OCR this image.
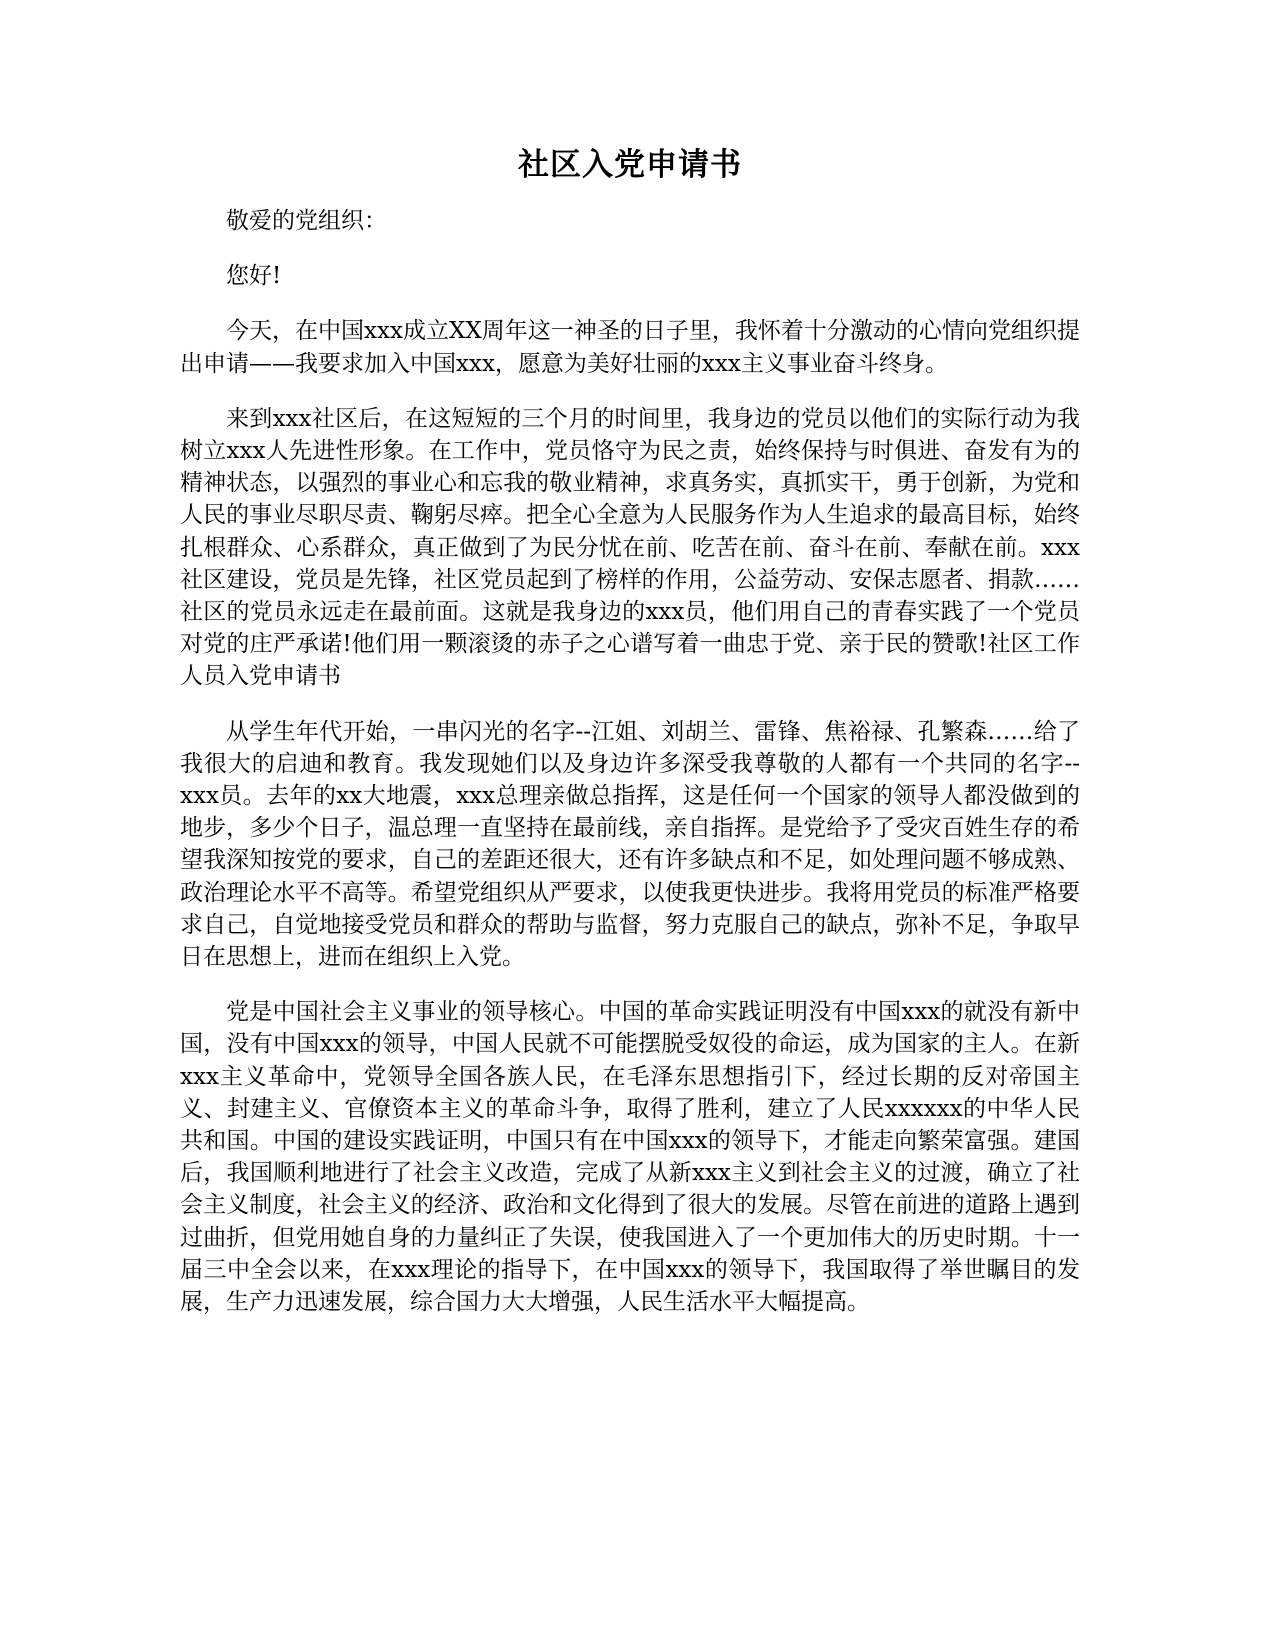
社区入党申请书

敬爱的党组织：

您好!

今天，在中国xxx成立XX周年这一神圣的日子里，我怀着十分激动的心情向党组织提出申请——我要求加入中国xxx，愿意为美好壮丽的xxx主义事业奋斗终身。

来到xxx社区后，在这短短的三个月的时间里，我身边的党员以他们的实际行动为我树立xxx人先进性形象。在工作中，党员恪守为民之责，始终保持与时俱进、奋发有为的精神状态，以强烈的事业心和忘我的敬业精神，求真务实，真抓实干，勇于创新，为党和人民的事业尽职尽责、鞠躬尽瘁。把全心全意为人民服务作为人生追求的最高目标，始终扎根群众、心系群众，真正做到了为民分忧在前、吃苦在前、奋斗在前、奉献在前。xxx社区建设，党员是先锋，社区党员起到了榜样的作用，公益劳动、安保志愿者、捐款……社区的党员永远走在最前面。这就是我身边的xxx员，他们用自己的青春实践了一个党员对党的庄严承诺!他们用一颗滚烫的赤子之心谱写着一曲忠于党、亲于民的赞歌!社区工作人员入党申请书

从学生年代开始，一串闪光的名字--江姐、刘胡兰、雷锋、焦裕禄、孔繁森……给了我很大的启迪和教育。我发现她们以及身边许多深受我尊敬的人都有一个共同的名字--xxx员。去年的xx大地震，xxx总理亲做总指挥，这是任何一个国家的领导人都没做到的地步，多少个日子，温总理一直坚持在最前线，亲自指挥。是党给予了受灾百姓生存的希望我深知按党的要求，自己的差距还很大，还有许多缺点和不足，如处理问题不够成熟、政治理论水平不高等。希望党组织从严要求，以使我更快进步。我将用党员的标准严格要求自己，自觉地接受党员和群众的帮助与监督，努力克服自己的缺点，弥补不足，争取早日在思想上，进而在组织上入党。

党是中国社会主义事业的领导核心。中国的革命实践证明没有中国xxx的就没有新中国，没有中国xxx的领导，中国人民就不可能摆脱受奴役的命运，成为国家的主人。在新xxx主义革命中，党领导全国各族人民，在毛泽东思想指引下，经过长期的反对帝国主义、封建主义、官僚资本主义的革命斗争，取得了胜利，建立了人民xxxxxx的中华人民共和国。中国的建设实践证明，中国只有在中国xxx的领导下，才能走向繁荣富强。建国后，我国顺利地进行了社会主义改造，完成了从新xxx主义到社会主义的过渡，确立了社会主义制度，社会主义的经济、政治和文化得到了很大的发展。尽管在前进的道路上遇到过曲折，但党用她自身的力量纠正了失误，使我国进入了一个更加伟大的历史时期。十一届三中全会以来，在xxx理论的指导下，在中国xxx的领导下，我国取得了举世瞩目的发展，生产力迅速发展，综合国力大大增强，人民生活水平大幅提高。
